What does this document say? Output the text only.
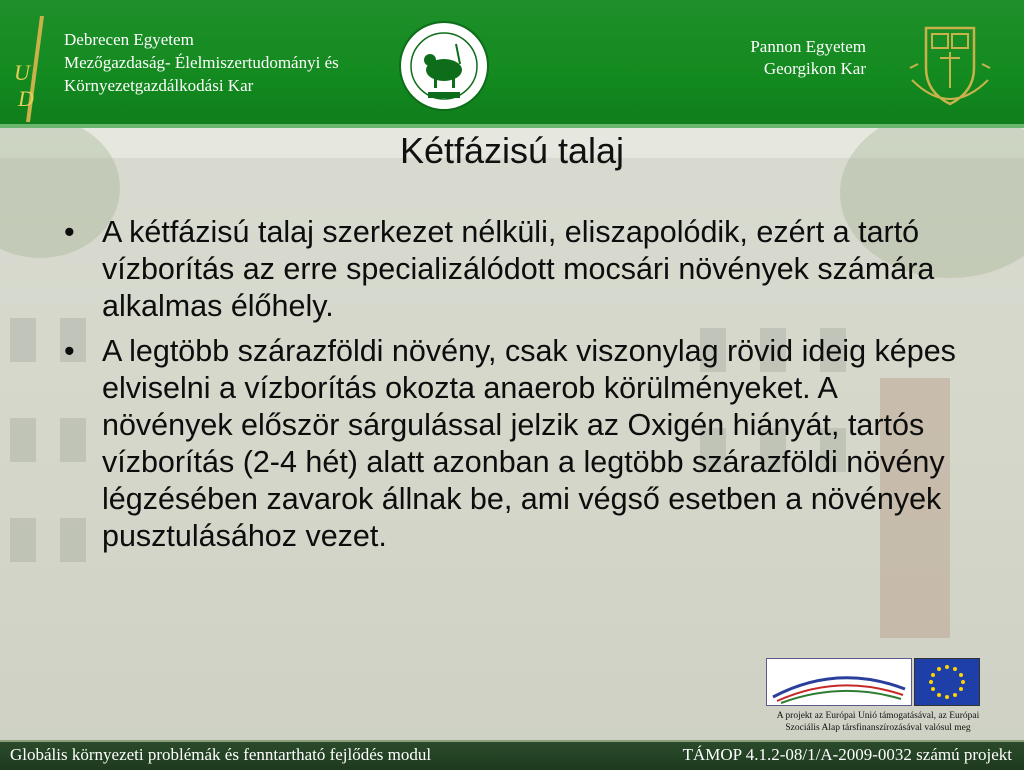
U
D
Debrecen Egyetem
Mezőgazdaság- Élelmiszertudományi és
Környezetgazdálkodási Kar
Pannon Egyetem
Georgikon Kar
Kétfázisú talaj
• A kétfázisú talaj szerkezet nélküli, eliszapolódik, ezért a tartó vízborítás az erre specializálódott mocsári növények számára alkalmas élőhely.
• A legtöbb szárazföldi növény, csak viszonylag rövid ideig képes elviselni a vízborítás okozta anaerob körülményeket. A növények először sárgulással jelzik az Oxigén hiányát, tartós vízborítás (2-4 hét) alatt azonban a legtöbb szárazföldi növény légzésében zavarok állnak be, ami végső esetben a növények pusztulásához vezet.
A projekt az Európai Unió támogatásával, az Európai
Szociális Alap társfinanszírozásával valósul meg
Globális környezeti problémák és fenntartható fejlődés modul	TÁMOP 4.1.2-08/1/A-2009-0032 számú projekt
